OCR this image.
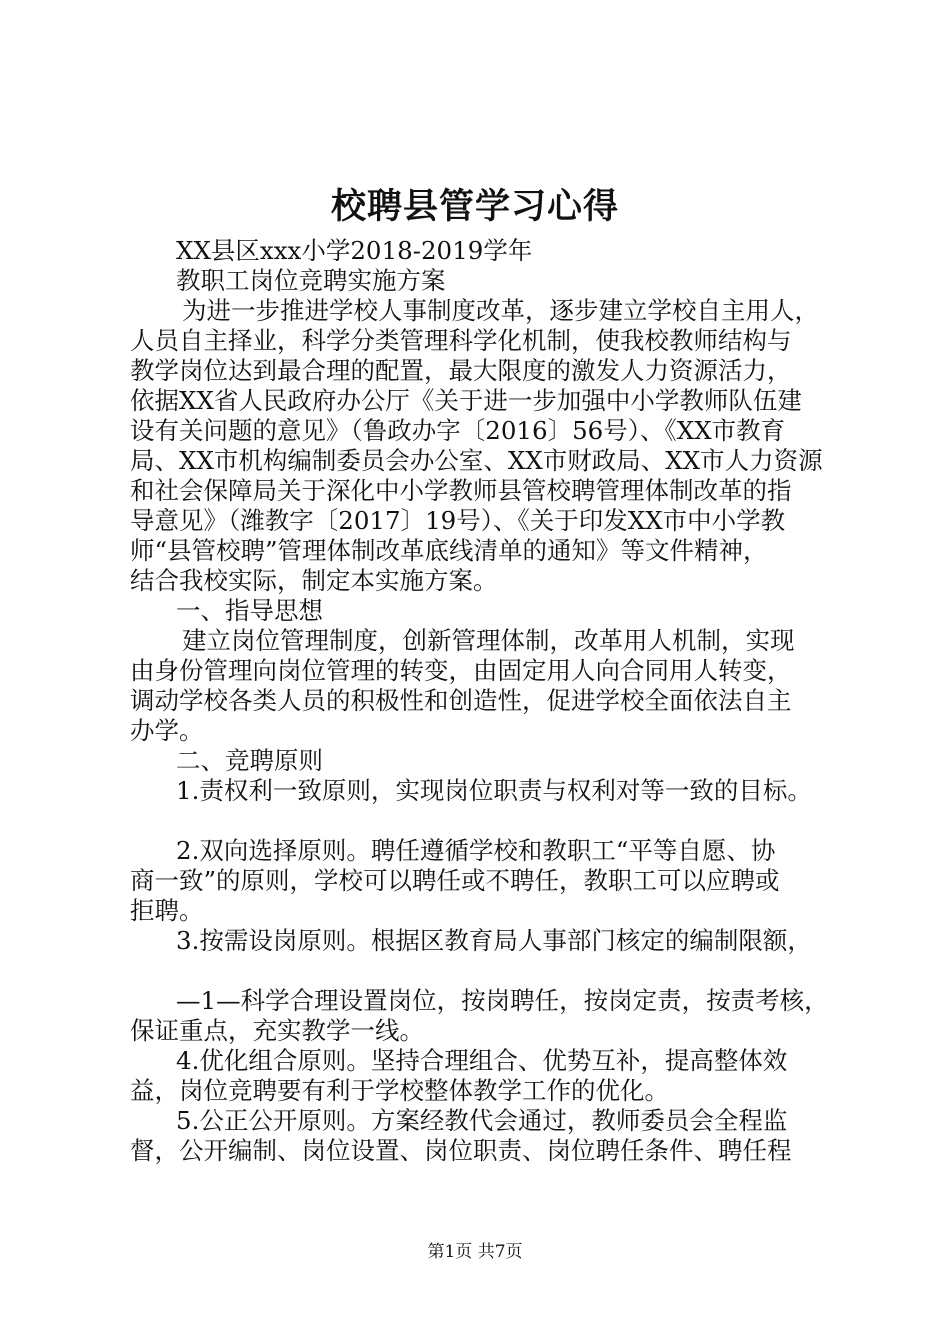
校聘县管学习心得

XX县区xxx小学2018-2019学年

教职工岗位竞聘实施方案

为进一步推进学校人事制度改革，逐步建立学校自主用人，

人员自主择业，科学分类管理科学化机制，使我校教师结构与

教学岗位达到最合理的配置，最大限度的激发人力资源活力，

依据XX省人民政府办公厅《关于进一步加强中小学教师队伍建

设有关问题的意见》（鲁政办字〔2016〕56号）、《XX市教育

局、XX市机构编制委员会办公室、XX市财政局、XX市人力资源

和社会保障局关于深化中小学教师县管校聘管理体制改革的指

导意见》（潍教字〔2017〕19号）、《关于印发XX市中小学教

师“县管校聘”管理体制改革底线清单的通知》等文件精神，

结合我校实际，制定本实施方案。

一、指导思想

建立岗位管理制度，创新管理体制，改革用人机制，实现

由身份管理向岗位管理的转变，由固定用人向合同用人转变，

调动学校各类人员的积极性和创造性，促进学校全面依法自主

办学。

二、竞聘原则

1.责权利一致原则，实现岗位职责与权利对等一致的目标。

2.双向选择原则。聘任遵循学校和教职工“平等自愿、协

商一致”的原则，学校可以聘任或不聘任，教职工可以应聘或

拒聘。

3.按需设岗原则。根据区教育局人事部门核定的编制限额，

—1—科学合理设置岗位，按岗聘任，按岗定责，按责考核，

保证重点，充实教学一线。

4.优化组合原则。坚持合理组合、优势互补，提高整体效

益，岗位竞聘要有利于学校整体教学工作的优化。

5.公正公开原则。方案经教代会通过，教师委员会全程监

督，公开编制、岗位设置、岗位职责、岗位聘任条件、聘任程

第1页 共7页
